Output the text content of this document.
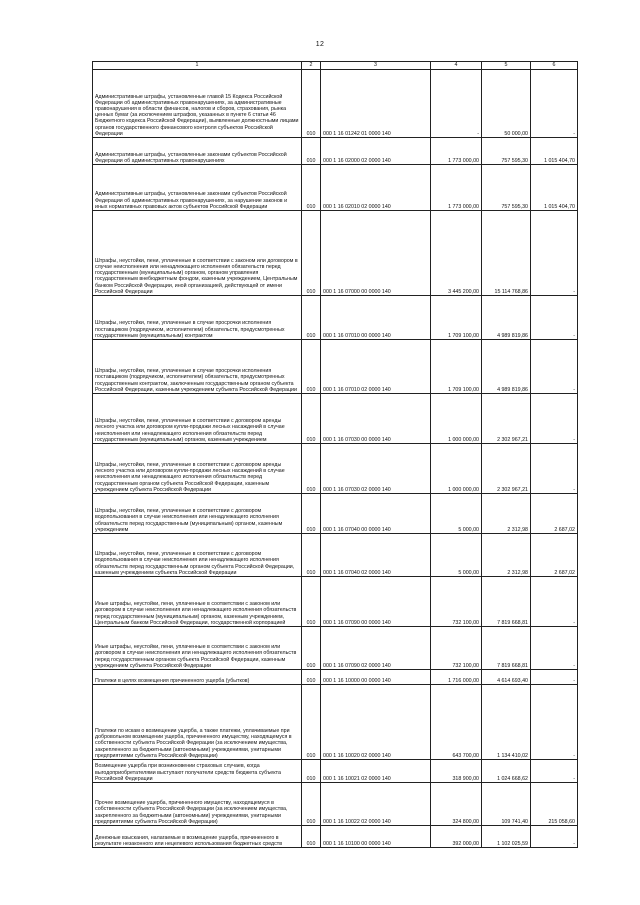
12
1	2	3	4	5	6
Административные штрафы, установленные главой 15 Кодекса Российской Федерации об административных правонарушениях, за административные правонарушения в области финансов, налогов и сборов, страхования, рынка ценных бумаг (за исключением штрафов, указанных в пункте 6 статьи 46 Бюджетного кодекса Российской Федерации), выявленные должностными лицами органов государственного финансового контроля субъектов Российской Федерации	010	000 1 16 01242 01 0000 140	-	50 000,00	-
Административные штрафы, установленные законами субъектов Российской Федерации об административных правонарушениях	010	000 1 16 02000 02 0000 140	1 773 000,00	757 595,30	1 015 404,70
Административные штрафы, установленные законами субъектов Российской Федерации об административных правонарушениях, за нарушение законов и иных нормативных правовых актов субъектов Российской Федерации	010	000 1 16 02010 02 0000 140	1 773 000,00	757 595,30	1 015 404,70
Штрафы, неустойки, пени, уплаченные в соответствии с законом или договором в случае неисполнения или ненадлежащего исполнения обязательств перед государственным (муниципальным) органом, органом управления государственным внебюджетным фондом, казенным учреждением, Центральным банком Российской Федерации, иной организацией, действующей от имени Российской Федерации	010	000 1 16 07000 00 0000 140	3 445 200,00	15 114 768,86	-
Штрафы, неустойки, пени, уплаченные в случае просрочки исполнения поставщиком (подрядчиком, исполнителем) обязательств, предусмотренных государственным (муниципальным) контрактом	010	000 1 16 07010 00 0000 140	1 709 100,00	4 989 819,86	-
Штрафы, неустойки, пени, уплаченные в случае просрочки исполнения поставщиком (подрядчиком, исполнителем) обязательств, предусмотренных государственным контрактом, заключенным государственным органом субъекта Российской Федерации, казенным учреждением субъекта Российской Федерации	010	000 1 16 07010 02 0000 140	1 709 100,00	4 989 819,86	-
Штрафы, неустойки, пени, уплаченные в соответствии с договором аренды лесного участка или договором купли-продажи лесных насаждений в случае неисполнения или ненадлежащего исполнения обязательств перед государственным (муниципальным) органом, казенным учреждением	010	000 1 16 07030 00 0000 140	1 000 000,00	2 302 967,21	-
Штрафы, неустойки, пени, уплаченные в соответствии с договором аренды лесного участка или договором купли-продажи лесных насаждений в случае неисполнения или ненадлежащего исполнения обязательств перед государственным органом субъекта Российской Федерации, казенным учреждением субъекта Российской Федерации	010	000 1 16 07030 02 0000 140	1 000 000,00	2 302 967,21	-
Штрафы, неустойки, пени, уплаченные в соответствии с договором водопользования в случае неисполнения или ненадлежащего исполнения обязательств перед государственным (муниципальным) органом, казенным учреждением	010	000 1 16 07040 00 0000 140	5 000,00	2 312,98	2 687,02
Штрафы, неустойки, пени, уплаченные в соответствии с договором водопользования в случае неисполнения или ненадлежащего исполнения обязательств перед государственным органом субъекта Российской Федерации, казенным учреждением субъекта Российской Федерации	010	000 1 16 07040 02 0000 140	5 000,00	2 312,98	2 687,02
Иные штрафы, неустойки, пени, уплаченные в соответствии с законом или договором в случае неисполнения или ненадлежащего исполнения обязательств перед государственным (муниципальным) органом, казенным учреждением, Центральным банком Российской Федерации, государственной корпорацией	010	000 1 16 07090 00 0000 140	732 100,00	7 819 668,81	-
Иные штрафы, неустойки, пени, уплаченные в соответствии с законом или договором в случае неисполнения или ненадлежащего исполнения обязательств перед государственным органом субъекта Российской Федерации, казенным учреждением субъекта Российской Федерации	010	000 1 16 07090 02 0000 140	732 100,00	7 819 668,81	-
Платежи в целях возмещения причиненного ущерба (убытков)	010	000 1 16 10000 00 0000 140	1 716 000,00	4 614 693,40	-
Платежи по искам о возмещении ущерба, а также платежи, уплачиваемые при добровольном возмещении ущерба, причиненного имуществу, находящемуся в собственности субъекта Российской Федерации (за исключением имущества, закрепленного за бюджетными (автономными) учреждениями, унитарными предприятиями субъекта Российской Федерации)	010	000 1 16 10020 02 0000 140	643 700,00	1 134 410,02	-
Возмещение ущерба при возникновении страховых случаев, когда выгодоприобретателями выступают получатели средств бюджета субъекта Российской Федерации	010	000 1 16 10021 02 0000 140	318 900,00	1 024 668,62	-
Прочее возмещение ущерба, причиненного имуществу, находящемуся в собственности субъекта Российской Федерации (за исключением имущества, закрепленного за бюджетными (автономными) учреждениями, унитарными предприятиями субъекта Российской Федерации)	010	000 1 16 10022 02 0000 140	324 800,00	109 741,40	215 058,60
Денежные взыскания, налагаемые в возмещение ущерба, причиненного в результате незаконного или нецелевого использования бюджетных средств	010	000 1 16 10100 00 0000 140	392 000,00	1 102 025,59	-
